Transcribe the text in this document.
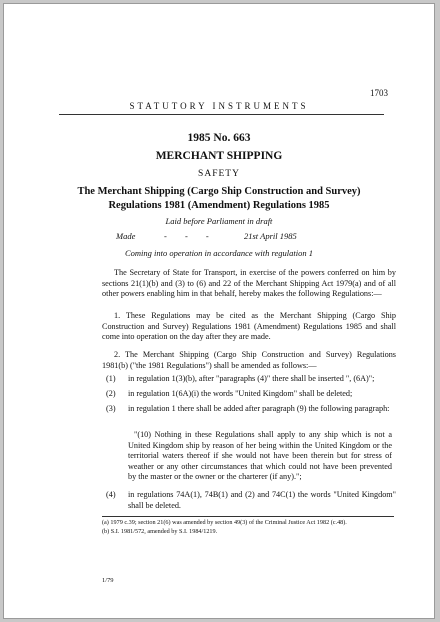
1703
STATUTORY INSTRUMENTS
1985 No. 663
MERCHANT SHIPPING
SAFETY
The Merchant Shipping (Cargo Ship Construction and Survey)
Regulations 1981 (Amendment) Regulations 1985
Laid before Parliament in draft
Made	- - -	21st April 1985
Coming into operation in accordance with regulation 1
The Secretary of State for Transport, in exercise of the powers conferred on him by sections 21(1)(b) and (3) to (6) and 22 of the Merchant Shipping Act 1979(a) and of all other powers enabling him in that behalf, hereby makes the following Regulations:—
1. These Regulations may be cited as the Merchant Shipping (Cargo Ship Construction and Survey) Regulations 1981 (Amendment) Regulations 1985 and shall come into operation on the day after they are made.
2. The Merchant Shipping (Cargo Ship Construction and Survey) Regulations 1981(b) ("the 1981 Regulations") shall be amended as follows:—
(1) in regulation 1(3)(b), after "paragraphs (4)" there shall be inserted ", (6A)";
(2) in regulation 1(6A)(i) the words "United Kingdom" shall be deleted;
(3) in regulation 1 there shall be added after paragraph (9) the following paragraph:
"(10) Nothing in these Regulations shall apply to any ship which is not a United Kingdom ship by reason of her being within the United Kingdom or the territorial waters thereof if she would not have been therein but for stress of weather or any other circumstances that which could not have been prevented by the master or the owner or the charterer (if any).";
(4) in regulations 74A(1), 74B(1) and (2) and 74C(1) the words "United Kingdom" shall be deleted.
(a) 1979 c.39; section 21(6) was amended by section 49(3) of the Criminal Justice Act 1982 (c.48).
(b) S.I. 1981/572, amended by S.I. 1984/1219.
1/79
